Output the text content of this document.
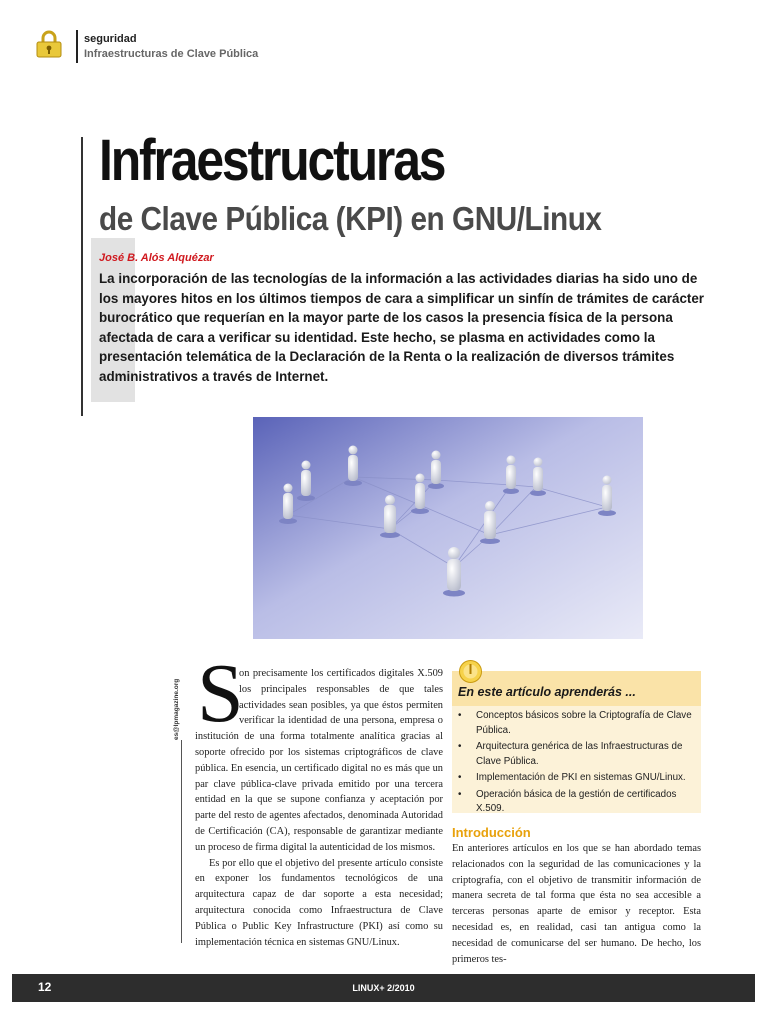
seguridad
Infraestructuras de Clave Pública
Infraestructuras
de Clave Pública (KPI) en GNU/Linux
José B. Alós Alquézar
La incorporación de las tecnologías de la información a las actividades diarias ha sido uno de los mayores hitos en los últimos tiempos de cara a simplificar un sinfín de trámites de carácter burocrático que requerían en la mayor parte de los casos la presencia física de la persona afectada de cara a verificar su identidad. Este hecho, se plasma en actividades como la presentación telemática de la Declaración de la Renta o la realización de diversos trámites administrativos a través de Internet.
es@lpmagazine.org S

on precisamente los certificados digitales X.509 los principales responsables de que tales actividades sean posibles, ya que éstos permiten verificar la identidad de una persona, empresa o institución de una forma totalmente analítica gracias al soporte ofrecido por los sistemas criptográficos de clave pública. En esencia, un certificado digital no es más que un par clave pública-clave privada emitido por una tercera entidad en la que se supone confianza y aceptación por parte del resto de agentes afectados, denominada Autoridad de Certificación (CA), responsable de garantizar mediante un proceso de firma digital la autenticidad de los mismos.

Es por ello que el objetivo del presente artículo consiste en exponer los fundamentos tecnológicos de una arquitectura capaz de dar soporte a esta necesidad; arquitectura conocida como Infraestructura de Clave Pública o Public Key Infrastructure (PKI) así como su implementación técnica en sistemas GNU/Linux.

En este artículo aprenderás ...
• Conceptos básicos sobre la Criptografía de Clave Pública.
• Arquitectura genérica de las Infraestructuras de Clave Pública.
• Implementación de PKI en sistemas GNU/Linux.
• Operación básica de la gestión de certificados X.509.
Introducción

En anteriores artículos en los que se han abordado temas relacionados con la seguridad de las comunicaciones y la criptografía, con el objetivo de transmitir información de manera secreta de tal forma que ésta no sea accesible a terceras personas aparte de emisor y receptor. Esta necesidad es, en realidad, casi tan antigua como la necesidad de comunicarse del ser humano. De hecho, los primeros tes-

12	LINUX+ 2/2010
